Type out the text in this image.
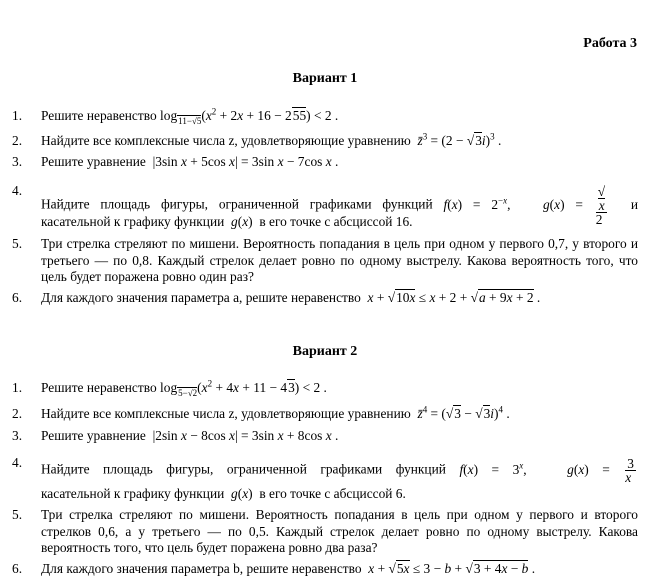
Работа 3
Вариант 1
1.	Решите неравенство $\log_{11-√5}(x^2 + 2x + 16 - 255) < 2$ .
2.	Найдите все комплексные числа z, удовлетворяющие уравнению z̄$^3$ = $(2 - √3i)^3$ .
3.	Решите уравнение  |3sin x + 5cos x| = 3sin x − 7cos x .
4.
Найдите площадь фигуры, ограниченной графиками функций $f(x) = 2^{-x}$,   g(x) = √
x
2 и
касательной к графику функции g(x)  в его точке с абсциссой 16.
5.	Три стрелка стреляют по мишени. Вероятность попадания в цель при одном у первого 0,7, у второго и третьего — по 0,8. Каждый стрелок делает ровно по одному выстрелу. Какова вероятность того, что цель будет поражена ровно один раз?
6.	Для каждого значения параметра a, решите неравенство x + √10x ≤ x + 2 + √a + 9x + 2 .
Вариант 2
1.	Решите неравенство $\log_{5-√2}(x^2 + 4x + 11 - 43) < 2$ .
2.	Найдите все комплексные числа z, удовлетворяющие уравнению z̄$^4$ = $(√3 - √3i)^4$ .
3.	Решите уравнение  |2sin x − 8cos x| = 3sin x + 8cos x .
4.	Найдите площадь фигуры, ограниченной графиками функций $f(x) = 3^x$,   $g(x) = \frac{3}{x}$
касательной к графику функции g(x)  в его точке с абсциссой 6.
5.	Три стрелка стреляют по мишени. Вероятность попадания в цель при одном у первого и второго стрелков 0,6, а у третьего — по 0,5. Каждый стрелок делает ровно по одному выстрелу. Какова вероятность того, что цель будет поражена ровно два раза?
6.	Для каждого значения параметра b, решите неравенство x + √5x ≤ 3 − b + √3 + 4x − b .
